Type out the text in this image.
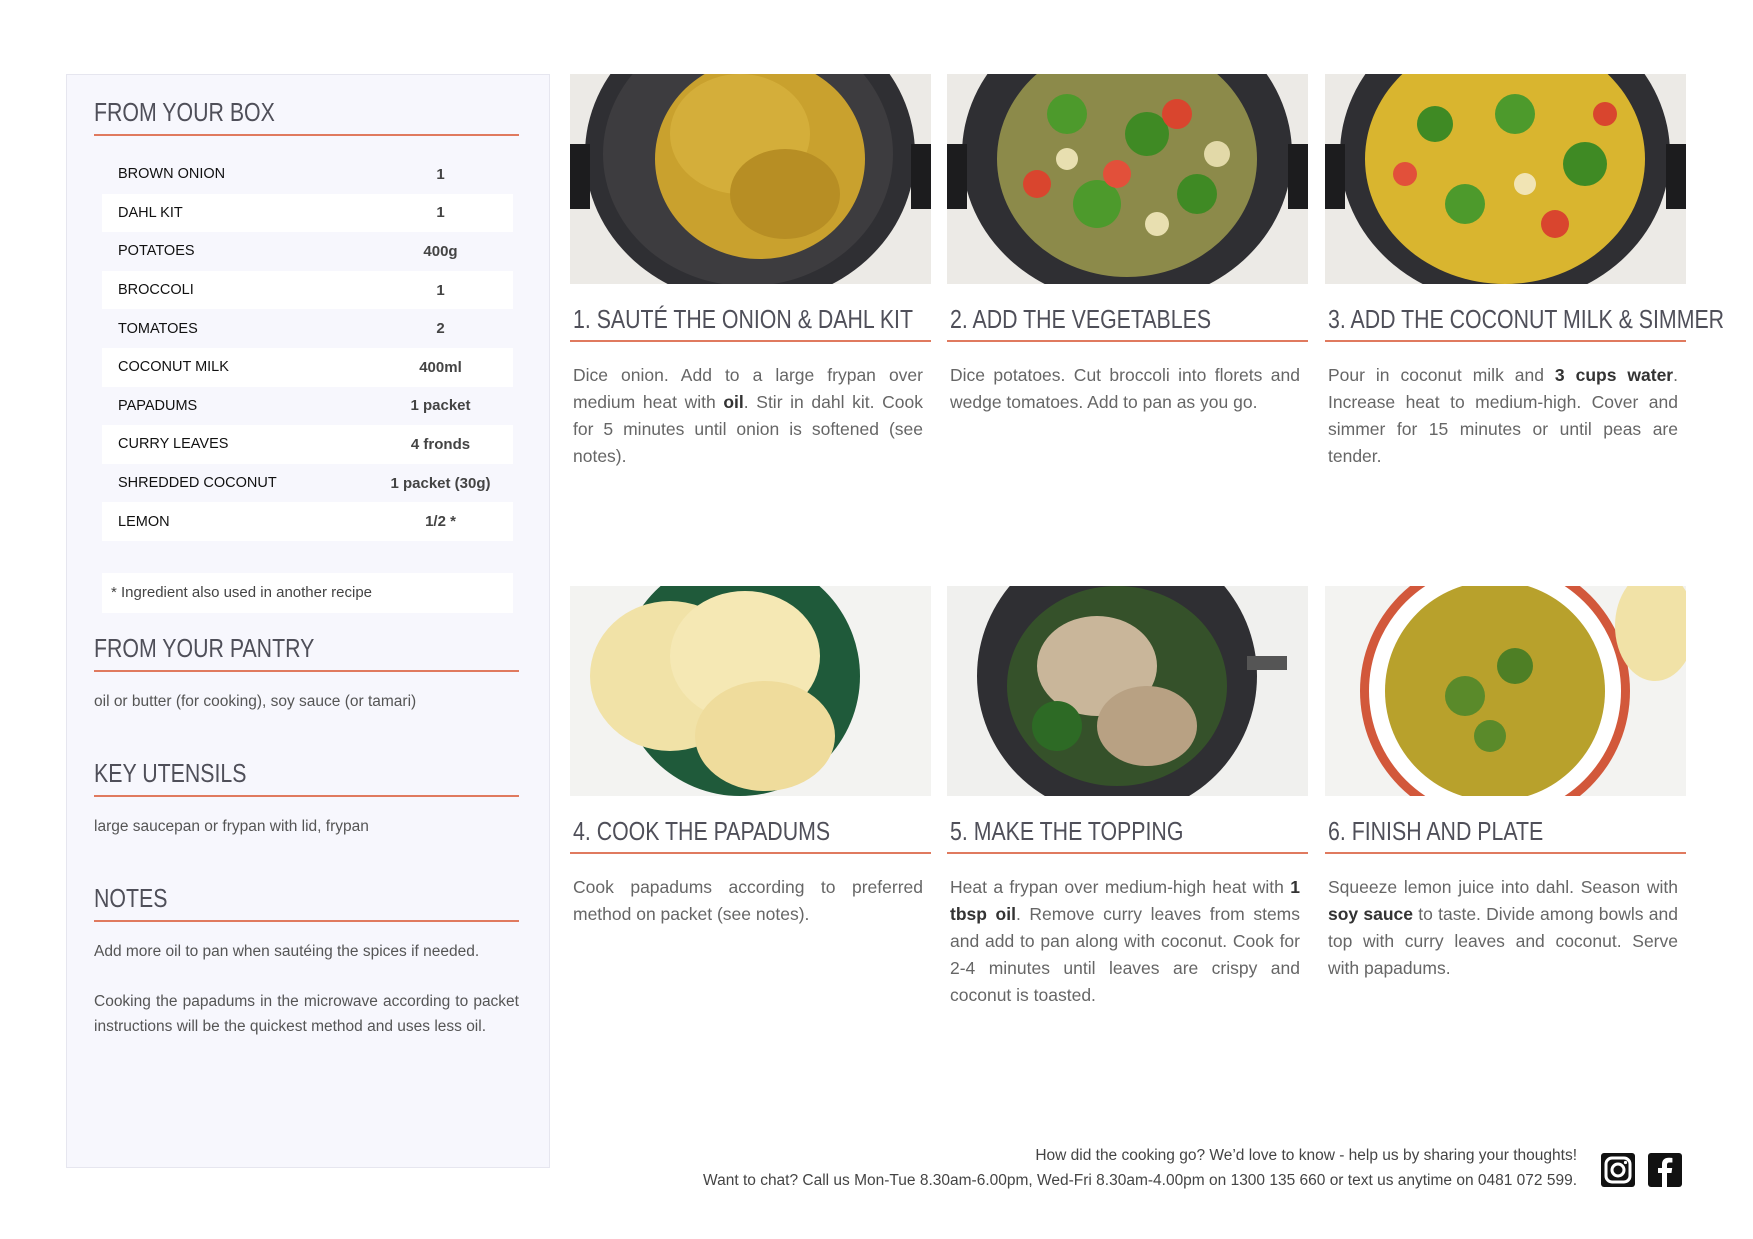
FROM YOUR BOX
BROWN ONION	1
DAHL KIT	1
POTATOES	400g
BROCCOLI	1
TOMATOES	2
COCONUT MILK	400ml
PAPADUMS	1 packet
CURRY LEAVES	4 fronds
SHREDDED COCONUT	1 packet (30g)
LEMON	1/2 *
* Ingredient also used in another recipe
FROM YOUR PANTRY
oil or butter (for cooking), soy sauce (or tamari)
KEY UTENSILS
large saucepan or frypan with lid, frypan
NOTES
Add more oil to pan when sautéing the spices if needed.
Cooking the papadums in the microwave according to packet instructions will be the quickest method and uses less oil.
1. SAUTÉ THE ONION & DAHL KIT
Dice onion. Add to a large frypan over medium heat with oil. Stir in dahl kit. Cook for 5 minutes until onion is softened (see notes).
2. ADD THE VEGETABLES
Dice potatoes. Cut broccoli into florets and wedge tomatoes. Add to pan as you go.
3. ADD THE COCONUT MILK & SIMMER
Pour in coconut milk and 3 cups water. Increase heat to medium-high. Cover and simmer for 15 minutes or until peas are tender.
4. COOK THE PAPADUMS
Cook papadums according to preferred method on packet (see notes).
5. MAKE THE TOPPING
Heat a frypan over medium-high heat with 1 tbsp oil. Remove curry leaves from stems and add to pan along with coconut. Cook for 2-4 minutes until leaves are crispy and coconut is toasted.
6. FINISH AND PLATE
Squeeze lemon juice into dahl. Season with soy sauce to taste. Divide among bowls and top with curry leaves and coconut. Serve with papadums.
How did the cooking go? We’d love to know - help us by sharing your thoughts!
Want to chat? Call us Mon-Tue 8.30am-6.00pm, Wed-Fri 8.30am-4.00pm on 1300 135 660 or text us anytime on 0481 072 599.
